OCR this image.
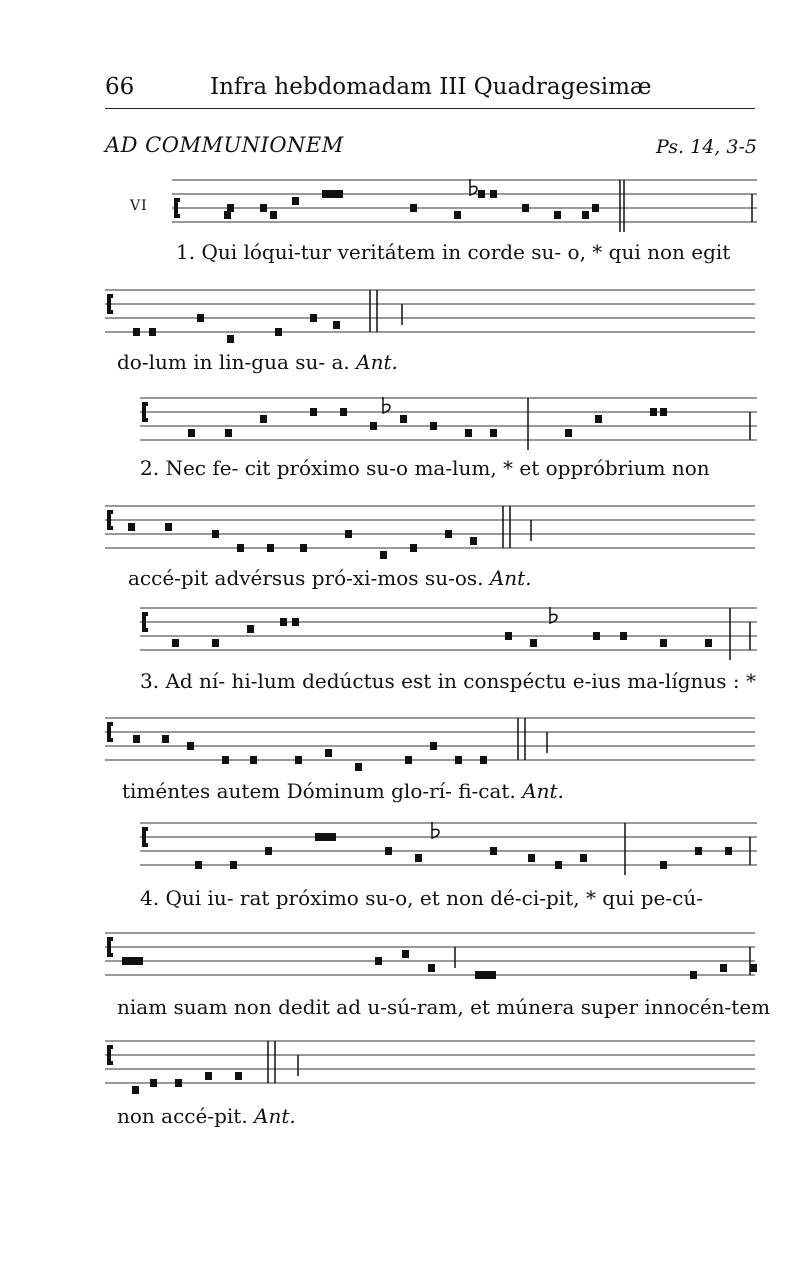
66	Infra hebdomadam III Quadragesimæ
AD COMMUNIONEM	Ps. 14, 3-5
VI
1. Qui lóqui-tur veritátem in corde su- o, * qui non egit
do-lum in lin-gua su- a. Ant.
2. Nec fe- cit próximo su-o ma-lum, * et oppróbrium non
accé-pit advérsus pró-xi-mos su-os. Ant.
3. Ad ní- hi-lum dedúctus est in conspéctu e-ius ma-lígnus : *
timéntes autem Dóminum glo-rí- fi-cat. Ant.
4. Qui iu- rat próximo su-o, et non dé-ci-pit, * qui pe-cú-
niam suam non dedit ad u-sú-ram, et múnera super innocén-tem
non accé-pit. Ant.
